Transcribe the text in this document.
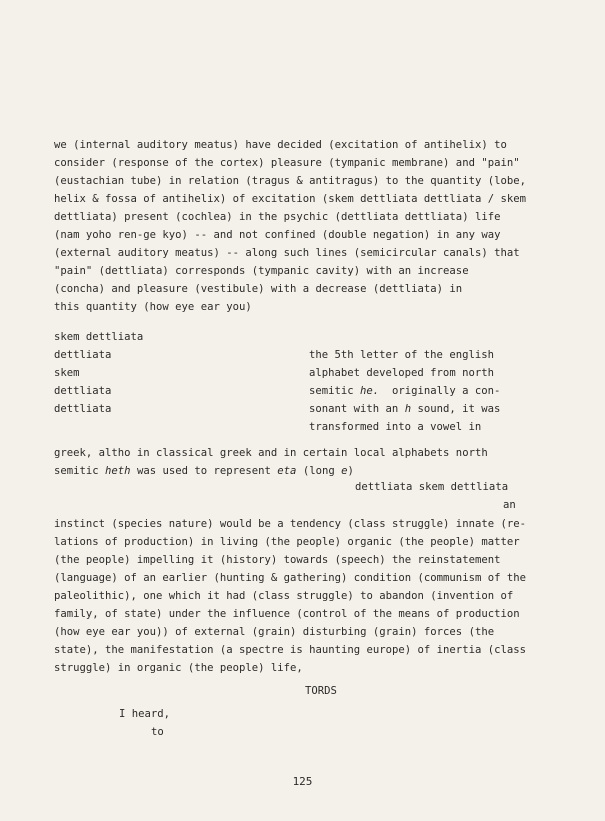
we (internal auditory meatus) have decided (excitation of antihelix) to
consider (response of the cortex) pleasure (tympanic membrane) and "pain"
(eustachian tube) in relation (tragus & antitragus) to the quantity (lobe,
helix & fossa of antihelix) of excitation (skem dettliata dettliata / skem
dettliata) present (cochlea) in the psychic (dettliata dettliata) life
(nam yoho ren-ge kyo) -- and not confined (double negation) in any way
(external auditory meatus) -- along such lines (semicircular canals) that
"pain" (dettliata) corresponds (tympanic cavity) with an increase
(concha) and pleasure (vestibule) with a decrease (dettliata) in
this quantity (how eye ear you)
skem dettliata
dettliata
skem
dettliata
dettliata
the 5th letter of the english
alphabet developed from north
semitic he. originally a con-
sonant with an h sound, it was
transformed into a vowel in
greek, altho in classical greek and in certain local alphabets north
semitic heth was used to represent eta (long e)
dettliata skem dettliata
an
instinct (species nature) would be a tendency (class struggle) innate (re-
lations of production) in living (the people) organic (the people) matter
(the people) impelling it (history) towards (speech) the reinstatement
(language) of an earlier (hunting & gathering) condition (communism of the
paleolithic), one which it had (class struggle) to abandon (invention of
family, of state) under the influence (control of the means of production
(how eye ear you)) of external (grain) disturbing (grain) forces (the
state), the manifestation (a spectre is haunting europe) of inertia (class
struggle) in organic (the people) life,
TORDS
I heard,
to
125
